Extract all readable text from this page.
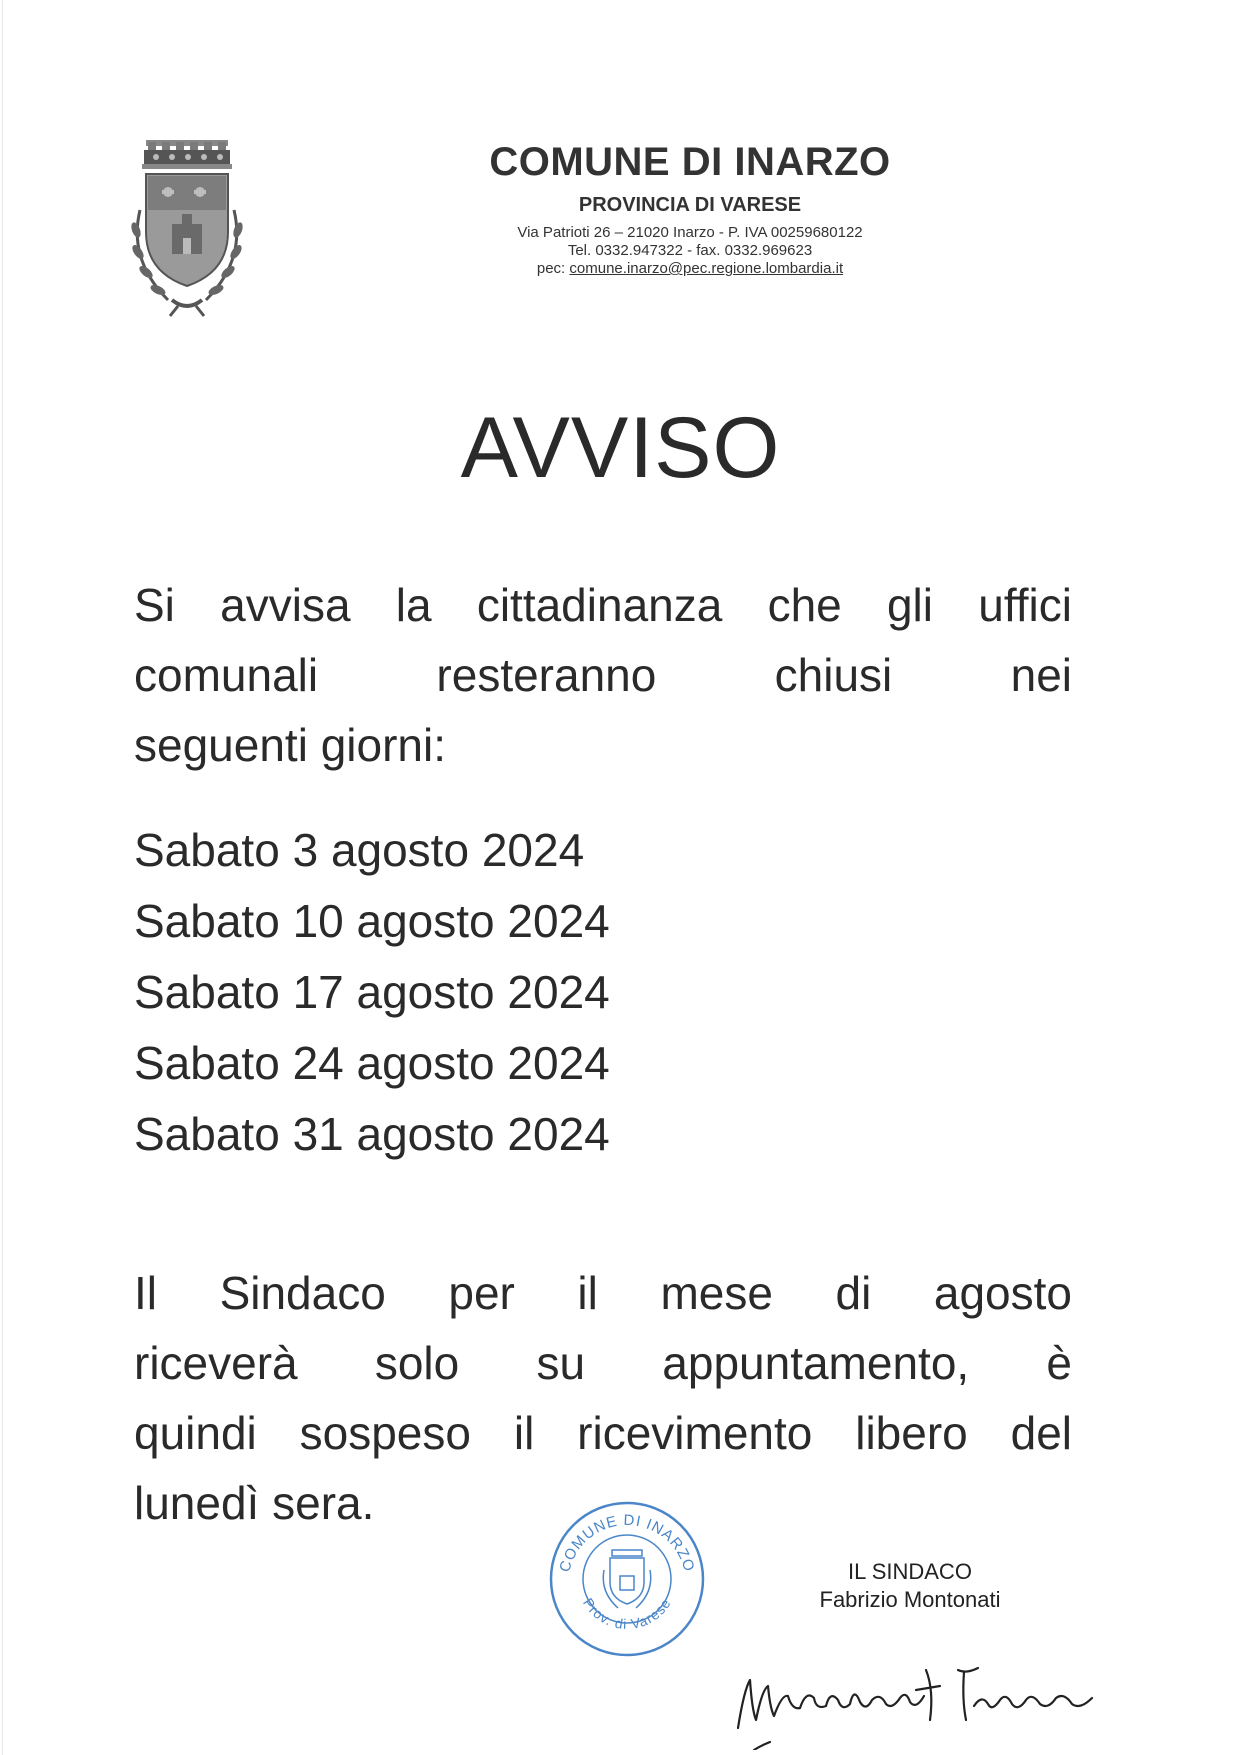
COMUNE DI INARZO
PROVINCIA DI VARESE
Via Patrioti 26 – 21020 Inarzo - P. IVA 00259680122
Tel. 0332.947322 - fax. 0332.969623
pec: comune.inarzo@pec.regione.lombardia.it
AVVISO
Si avvisa la cittadinanza che gli uffici
comunali resteranno chiusi nei
seguenti giorni:
Sabato 3 agosto 2024
Sabato 10 agosto 2024
Sabato 17 agosto 2024
Sabato 24 agosto 2024
Sabato 31 agosto 2024
Il Sindaco per il mese di agosto
riceverà solo su appuntamento, è
quindi sospeso il ricevimento libero del
lunedì sera.
COMUNE DI INARZO
Prov. di Varese
IL SINDACO
Fabrizio Montonati
